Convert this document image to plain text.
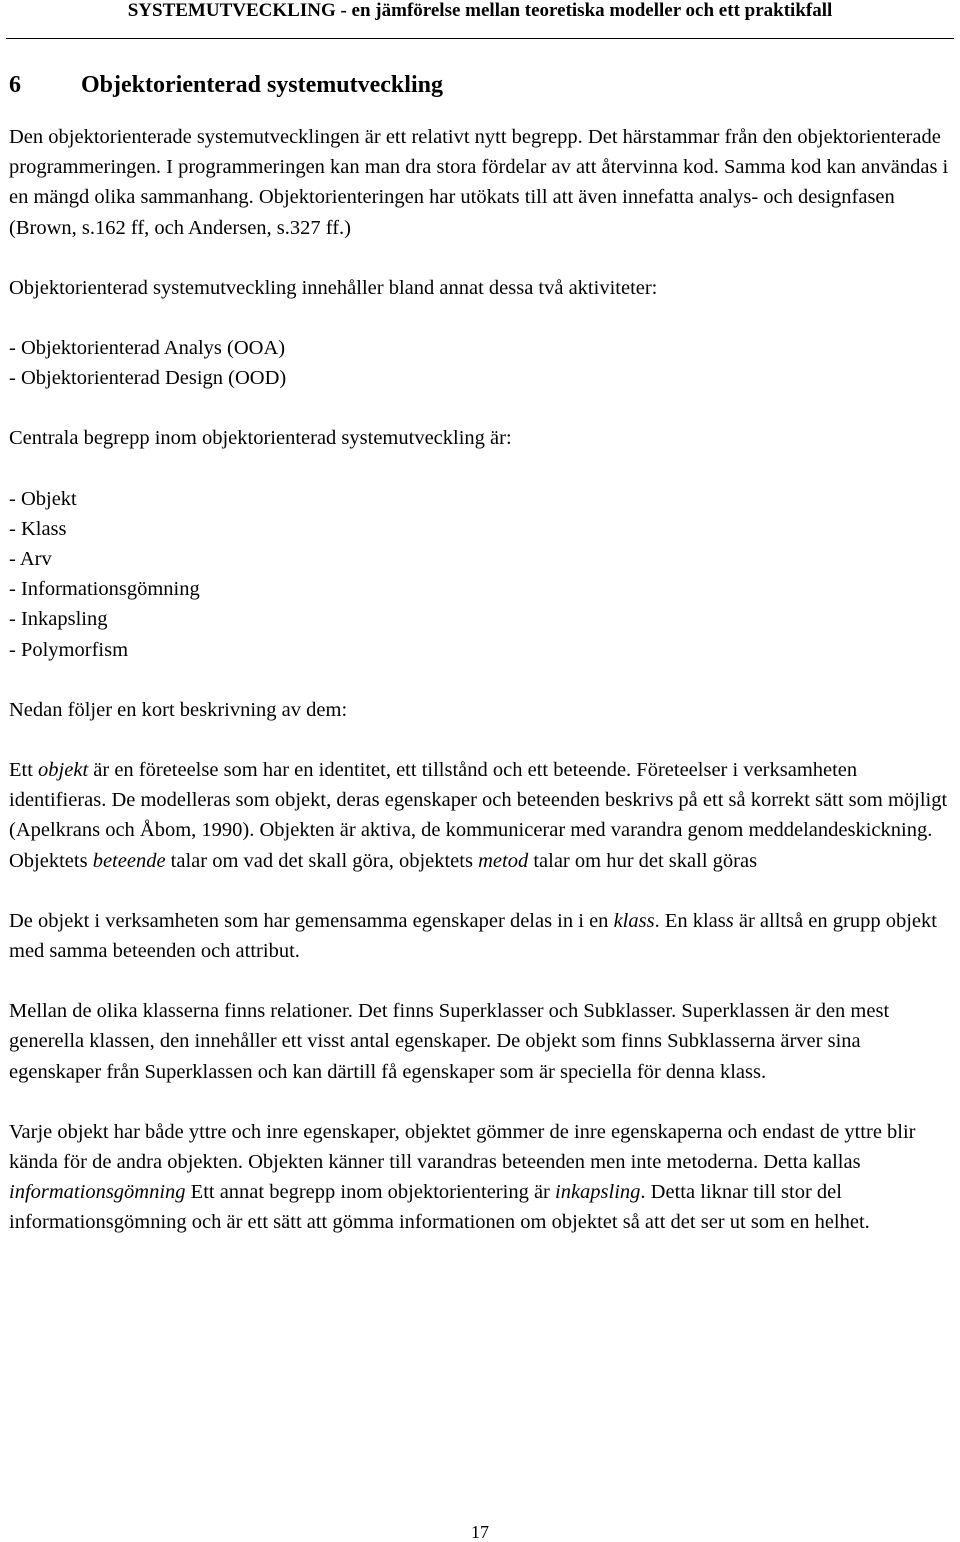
SYSTEMUTVECKLING - en jämförelse mellan teoretiska modeller och ett praktikfall
6	Objektorienterad systemutveckling

Den objektorienterade systemutvecklingen är ett relativt nytt begrepp. Det härstammar från den objektorienterade programmeringen. I programmeringen kan man dra stora fördelar av att återvinna kod. Samma kod kan användas i en mängd olika sammanhang. Objektorienteringen har utökats till att även innefatta analys- och designfasen (Brown, s.162 ff, och Andersen, s.327 ff.)

Objektorienterad systemutveckling innehåller bland annat dessa två aktiviteter:

- Objektorienterad Analys (OOA)
- Objektorienterad Design (OOD)

Centrala begrepp inom objektorienterad systemutveckling är:

- Objekt
- Klass
- Arv
- Informationsgömning
- Inkapsling
- Polymorfism

Nedan följer en kort beskrivning av dem:

Ett objekt är en företeelse som har en identitet, ett tillstånd och ett beteende. Företeelser i verksamheten identifieras. De modelleras som objekt, deras egenskaper och beteenden beskrivs på ett så korrekt sätt som möjligt (Apelkrans och Åbom, 1990). Objekten är aktiva, de kommunicerar med varandra genom meddelandeskickning. Objektets beteende talar om vad det skall göra, objektets metod talar om hur det skall göras

De objekt i verksamheten som har gemensamma egenskaper delas in i en klass. En klass är alltså en grupp objekt med samma beteenden och attribut.

Mellan de olika klasserna finns relationer. Det finns Superklasser och Subklasser. Superklassen är den mest generella klassen, den innehåller ett visst antal egenskaper. De objekt som finns Subklasserna ärver sina egenskaper från Superklassen och kan därtill få egenskaper som är speciella för denna klass.

Varje objekt har både yttre och inre egenskaper, objektet gömmer de inre egenskaperna och endast de yttre blir kända för de andra objekten. Objekten känner till varandras beteenden men inte metoderna. Detta kallas informationsgömning Ett annat begrepp inom objektorientering är inkapsling. Detta liknar till stor del informationsgömning och är ett sätt att gömma informationen om objektet så att det ser ut som en helhet.

17
